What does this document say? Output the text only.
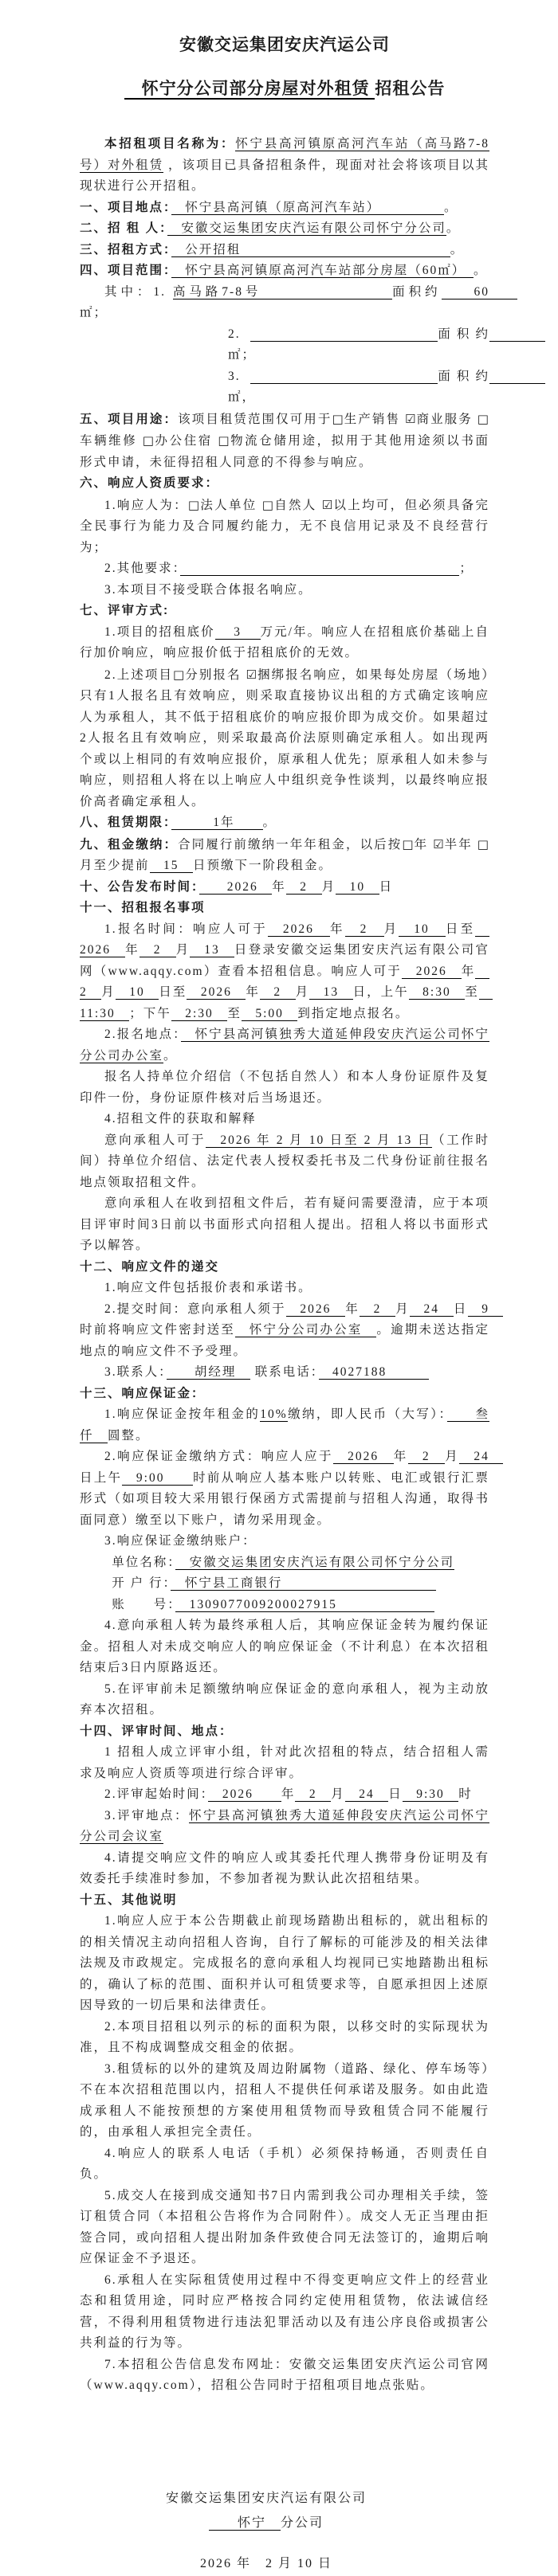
安徽交运集团安庆汽运公司
　怀宁分公司部分房屋对外租赁 招租公告
本招租项目名称为：怀宁县高河镇原高河汽车站（高马路7-8号）对外租赁 ，该项目已具备招租条件，现面对社会将该项目以其现状进行公开招租。
一、项目地点：　怀宁县高河镇（原高河汽车站）　　　　　。
二、招 租 人：　安徽交运集团安庆汽运有限公司怀宁分公司。
三、招租方式：　公开招租　　　　　　　　　　　　　　　。
四、项目范围：　怀宁县高河镇原高河汽车站部分房屋（60㎡）　。
其中：1. 高马路7-8号　　　　　　　　面积约　　60　　㎡；
2. 　　　　　　　　　　	面积约　　　　㎡；
3. 　　　　　　　　　　	面积约　　　　㎡，
五、项目用途：该项目租赁范围仅可用于□生产销售 ☑商业服务 □车辆维修 □办公住宿 □物流仓储用途，拟用于其他用途须以书面形式申请，未征得招租人同意的不得参与响应。
六、响应人资质要求：
1.响应人为：□法人单位 □自然人 ☑以上均可，但必须具备完全民事行为能力及合同履约能力，无不良信用记录及不良经营行为；
2.其他要求：　　　　　　　　　　　　　　　　　　　　	；
3.本项目不接受联合体报名响应。
七、评审方式:
1.项目的招租底价　 3 　万元/年。响应人在招租底价基础上自行加价响应，响应报价低于招租底价的无效。
2.上述项目□分别报名 ☑捆绑报名响应，如果每处房屋（场地）只有1人报名且有效响应，则采取直接协议出租的方式确定该响应人为承租人，其不低于招租底价的响应报价即为成交价。如果超过2人报名且有效响应，则采取最高价法原则确定承租人。如出现两个或以上相同的有效响应报价，原承租人优先；原承租人如未参与响应，则招租人将在以上响应人中组织竞争性谈判，以最终响应报价高者确定承租人。
八、租赁期限：　　　1年　　。
九、租金缴纳：合同履行前缴纳一年年租金，以后按□年 ☑半年 □月至少提前　15　日预缴下一阶段租金。
十、公告发布时间：　　2026　年　2　月　10　日
十一、招租报名事项
1.报名时间：响应人可于　2026　年　2　月　10　日至　2026　年　2　月　13　日登录安徽交运集团安庆汽运有限公司官网（www.aqqy.com）查看本招租信息。响应人可于　2026　年　2　月　10　日至　2026　年　2　月　13　日，上午　8:30　至　11:30　；下午　2:30　至　5:00　到指定地点报名。
2.报名地点：　怀宁县高河镇独秀大道延伸段安庆汽运公司怀宁分公司办公室。
报名人持单位介绍信（不包括自然人）和本人身份证原件及复印件一份，身份证原件核对后当场退还。
4.招租文件的获取和解释
意向承租人可于　2026 年 2 月 10 日至 2 月 13 日（工作时间）持单位介绍信、法定代表人授权委托书及二代身份证前往报名地点领取招租文件。
意向承租人在收到招租文件后，若有疑问需要澄清，应于本项目评审时间3日前以书面形式向招租人提出。招租人将以书面形式予以解答。
十二、响应文件的递交
1.响应文件包括报价表和承诺书。
2.提交时间：意向承租人须于　2026　年　2　月　24　日　9　时前将响应文件密封送至　怀宁分公司办公室　。逾期未送达指定地点的响应文件不予受理。
3.联系人：　　胡经理　 联系电话：　4027188　　　
十三、响应保证金：
1.响应保证金按年租金的10%缴纳，即人民币（大写）：　　叁仟　圆整。
2.响应保证金缴纳方式：响应人应于　2026　年　2　月　24　日上午　9:00　　时前从响应人基本账户以转账、电汇或银行汇票形式（如项目较大采用银行保函方式需提前与招租人沟通，取得书面同意）缴至以下账户，请勿采用现金。
3.响应保证金缴纳账户：
单位名称：　安徽交运集团安庆汽运有限公司怀宁分公司
开 户 行：　怀宁县工商银行　　　　　　　　　　　
账　　号：　1309077009200027915　　　　　　　
4.意向承租人转为最终承租人后，其响应保证金转为履约保证金。招租人对未成交响应人的响应保证金（不计利息）在本次招租结束后3日内原路返还。
5.在评审前未足额缴纳响应保证金的意向承租人，视为主动放弃本次招租。
十四、评审时间、地点：
1 招租人成立评审小组，针对此次招租的特点，结合招租人需求及响应人资质等项进行综合评审。
2.评审起始时间：　2026　　年　2　月　24　日　9:30　时
3.评审地点：怀宁县高河镇独秀大道延伸段安庆汽运公司怀宁分公司会议室
4.请提交响应文件的响应人或其委托代理人携带身份证明及有效委托手续准时参加，不参加者视为默认此次招租结果。
十五、其他说明
1.响应人应于本公告期截止前现场踏勘出租标的，就出租标的的相关情况主动向招租人咨询，自行了解标的可能涉及的相关法律法规及市政规定。完成报名的意向承租人均视同已实地踏勘出租标的，确认了标的范围、面积并认可租赁要求等，自愿承担因上述原因导致的一切后果和法律责任。
2.本项目招租以列示的标的面积为限，以移交时的实际现状为准，且不构成调整成交租金的依据。
3.租赁标的以外的建筑及周边附属物（道路、绿化、停车场等）不在本次招租范围以内，招租人不提供任何承诺及服务。如由此造成承租人不能按预想的方案使用租赁物而导致租赁合同不能履行的，由承租人承担完全责任。
4.响应人的联系人电话（手机）必须保持畅通，否则责任自负。
5.成交人在接到成交通知书7日内需到我公司办理相关手续，签订租赁合同（本招租公告将作为合同附件）。成交人无正当理由拒签合同，或向招租人提出附加条件致使合同无法签订的，逾期后响应保证金不予退还。
6.承租人在实际租赁使用过程中不得变更响应文件上的经营业态和租赁用途，同时应严格按合同约定使用租赁物，依法诚信经营，不得利用租赁物进行违法犯罪活动以及有违公序良俗或损害公共利益的行为等。
7.本招租公告信息发布网址：安徽交运集团安庆汽运公司官网（www.aqqy.com），招租公告同时于招租项目地点张贴。
安徽交运集团安庆汽运有限公司
　　怀宁　分公司
2026 年　2 月 10 日
